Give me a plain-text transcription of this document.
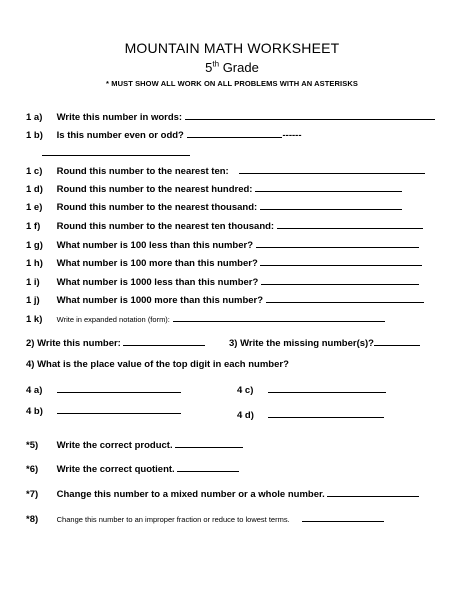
MOUNTAIN MATH WORKSHEET
5th Grade
* MUST SHOW ALL WORK ON ALL PROBLEMS WITH AN ASTERISKS
1 a) Write this number in words:
1 b) Is this number even or odd?	------
1 c) Round this number to the nearest ten:
1 d) Round this number to the nearest hundred:
1 e) Round this number to the nearest thousand:
1 f) Round this number to the nearest ten thousand:
1 g) What number is 100 less than this number?
1 h) What number is 100 more than this number?
1 i) What number is 1000 less than this number?
1 j) What number is 1000 more than this number?
1 k) Write in expanded notation (form):
2) Write this number:	3) Write the missing number(s)?
4) What is the place value of the top digit in each number?
4 a)
4 b)
4 c)
4 d)
*5) Write the correct product.
*6) Write the correct quotient.
*7) Change this number to a mixed number or a whole number.
*8) Change this number to an improper fraction or reduce to lowest terms.
